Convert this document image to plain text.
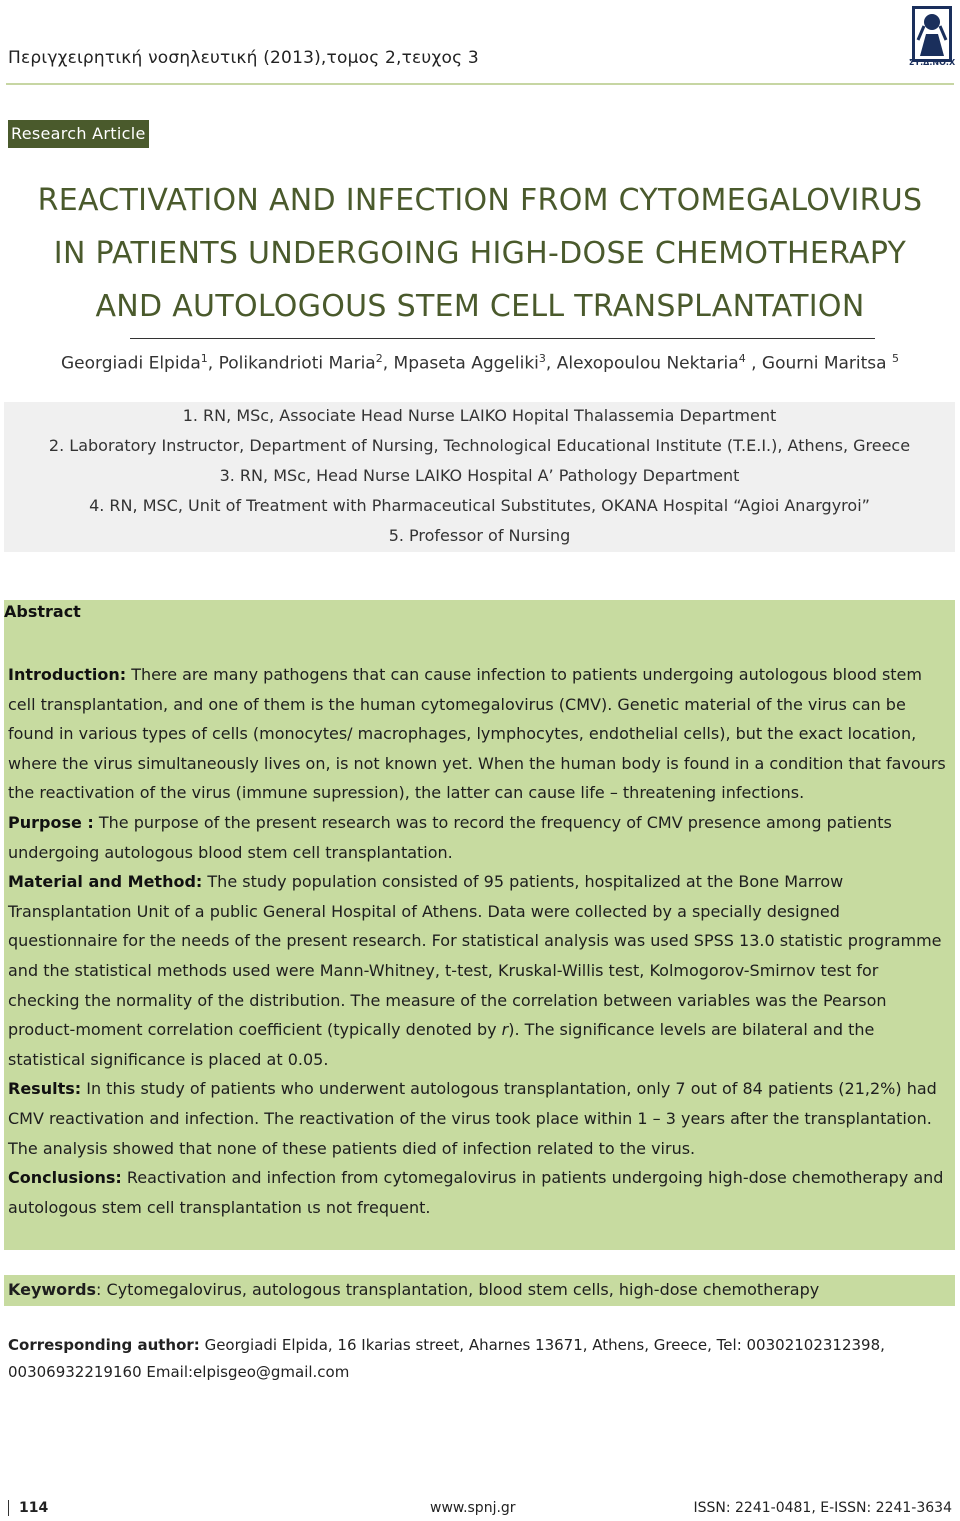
Περιγχειρητική νοσηλευτική (2013),τομος 2,τευχος 3	ΣΥ.Δ.ΝΟ.Χ
Research Article
REACTIVATION AND INFECTION FROM CYTOMEGALOVIRUS
IN PATIENTS UNDERGOING HIGH-DOSE CHEMOTHERAPY
AND AUTOLOGOUS STEM CELL TRANSPLANTATION
Georgiadi Elpida$^1$, Polikandrioti Maria$^2$, Mpaseta Aggeliki$^3$, Alexopoulou Nektaria$^4$ , Gourni Maritsa $^5$
1. RN, MSc, Associate Head Nurse LAIKO Hopital Thalassemia Department
2. Laboratory Instructor, Department of Nursing, Technological Educational Institute (T.E.I.), Athens, Greece
3. RN, MSc, Head Nurse LAIKO Hospital A’ Pathology Department
4. RN, MSC, Unit of Treatment with Pharmaceutical Substitutes, OKANA Hospital “Agioi Anargyroi”
5. Professor of Nursing
Abstract

Introduction: There are many pathogens that can cause infection to patients undergoing autologous blood stem cell transplantation, and one of them is the human cytomegalovirus (CMV). Genetic material of the virus can be found in various types of cells (monocytes/ macrophages, lymphocytes, endothelial cells), but the exact location, where the virus simultaneously lives on, is not known yet. When the human body is found in a condition that favours the reactivation of the virus (immune supression), the latter can cause life – threatening infections.

Purpose : The purpose of the present research was to record the frequency of CMV presence among patients undergoing autologous blood stem cell transplantation.

Material and Method: The study population consisted of 95 patients, hospitalized at the Bone Marrow Transplantation Unit of a public General Hospital of Athens. Data were collected by a specially designed questionnaire for the needs of the present research. For statistical analysis was used SPSS 13.0 statistic programme and the statistical methods used were Mann-Whitney, t-test, Kruskal-Willis test, Kolmogorov-Smirnov test for checking the normality of the distribution. The measure of the correlation between variables was the Pearson product-moment correlation coefficient (typically denoted by r). The significance levels are bilateral and the statistical significance is placed at 0.05.

Results: In this study of patients who underwent autologous transplantation, only 7 out of 84 patients (21,2%) had CMV reactivation and infection. The reactivation of the virus took place within 1 – 3 years after the transplantation. The analysis showed that none of these patients died of infection related to the virus.

Conclusions: Reactivation and infection from cytomegalovirus in patients undergoing high-dose chemotherapy and autologous stem cell transplantation ιs not frequent.

Keywords: Cytomegalovirus, autologous transplantation, blood stem cells, high-dose chemotherapy
Corresponding author: Georgiadi Elpida, 16 Ikarias street, Aharnes 13671, Athens, Greece, Tel: 00302102312398, 00306932219160 Email:elpisgeo@gmail.com
114	www.spnj.gr	ISSN: 2241-0481, E-ISSN: 2241-3634
